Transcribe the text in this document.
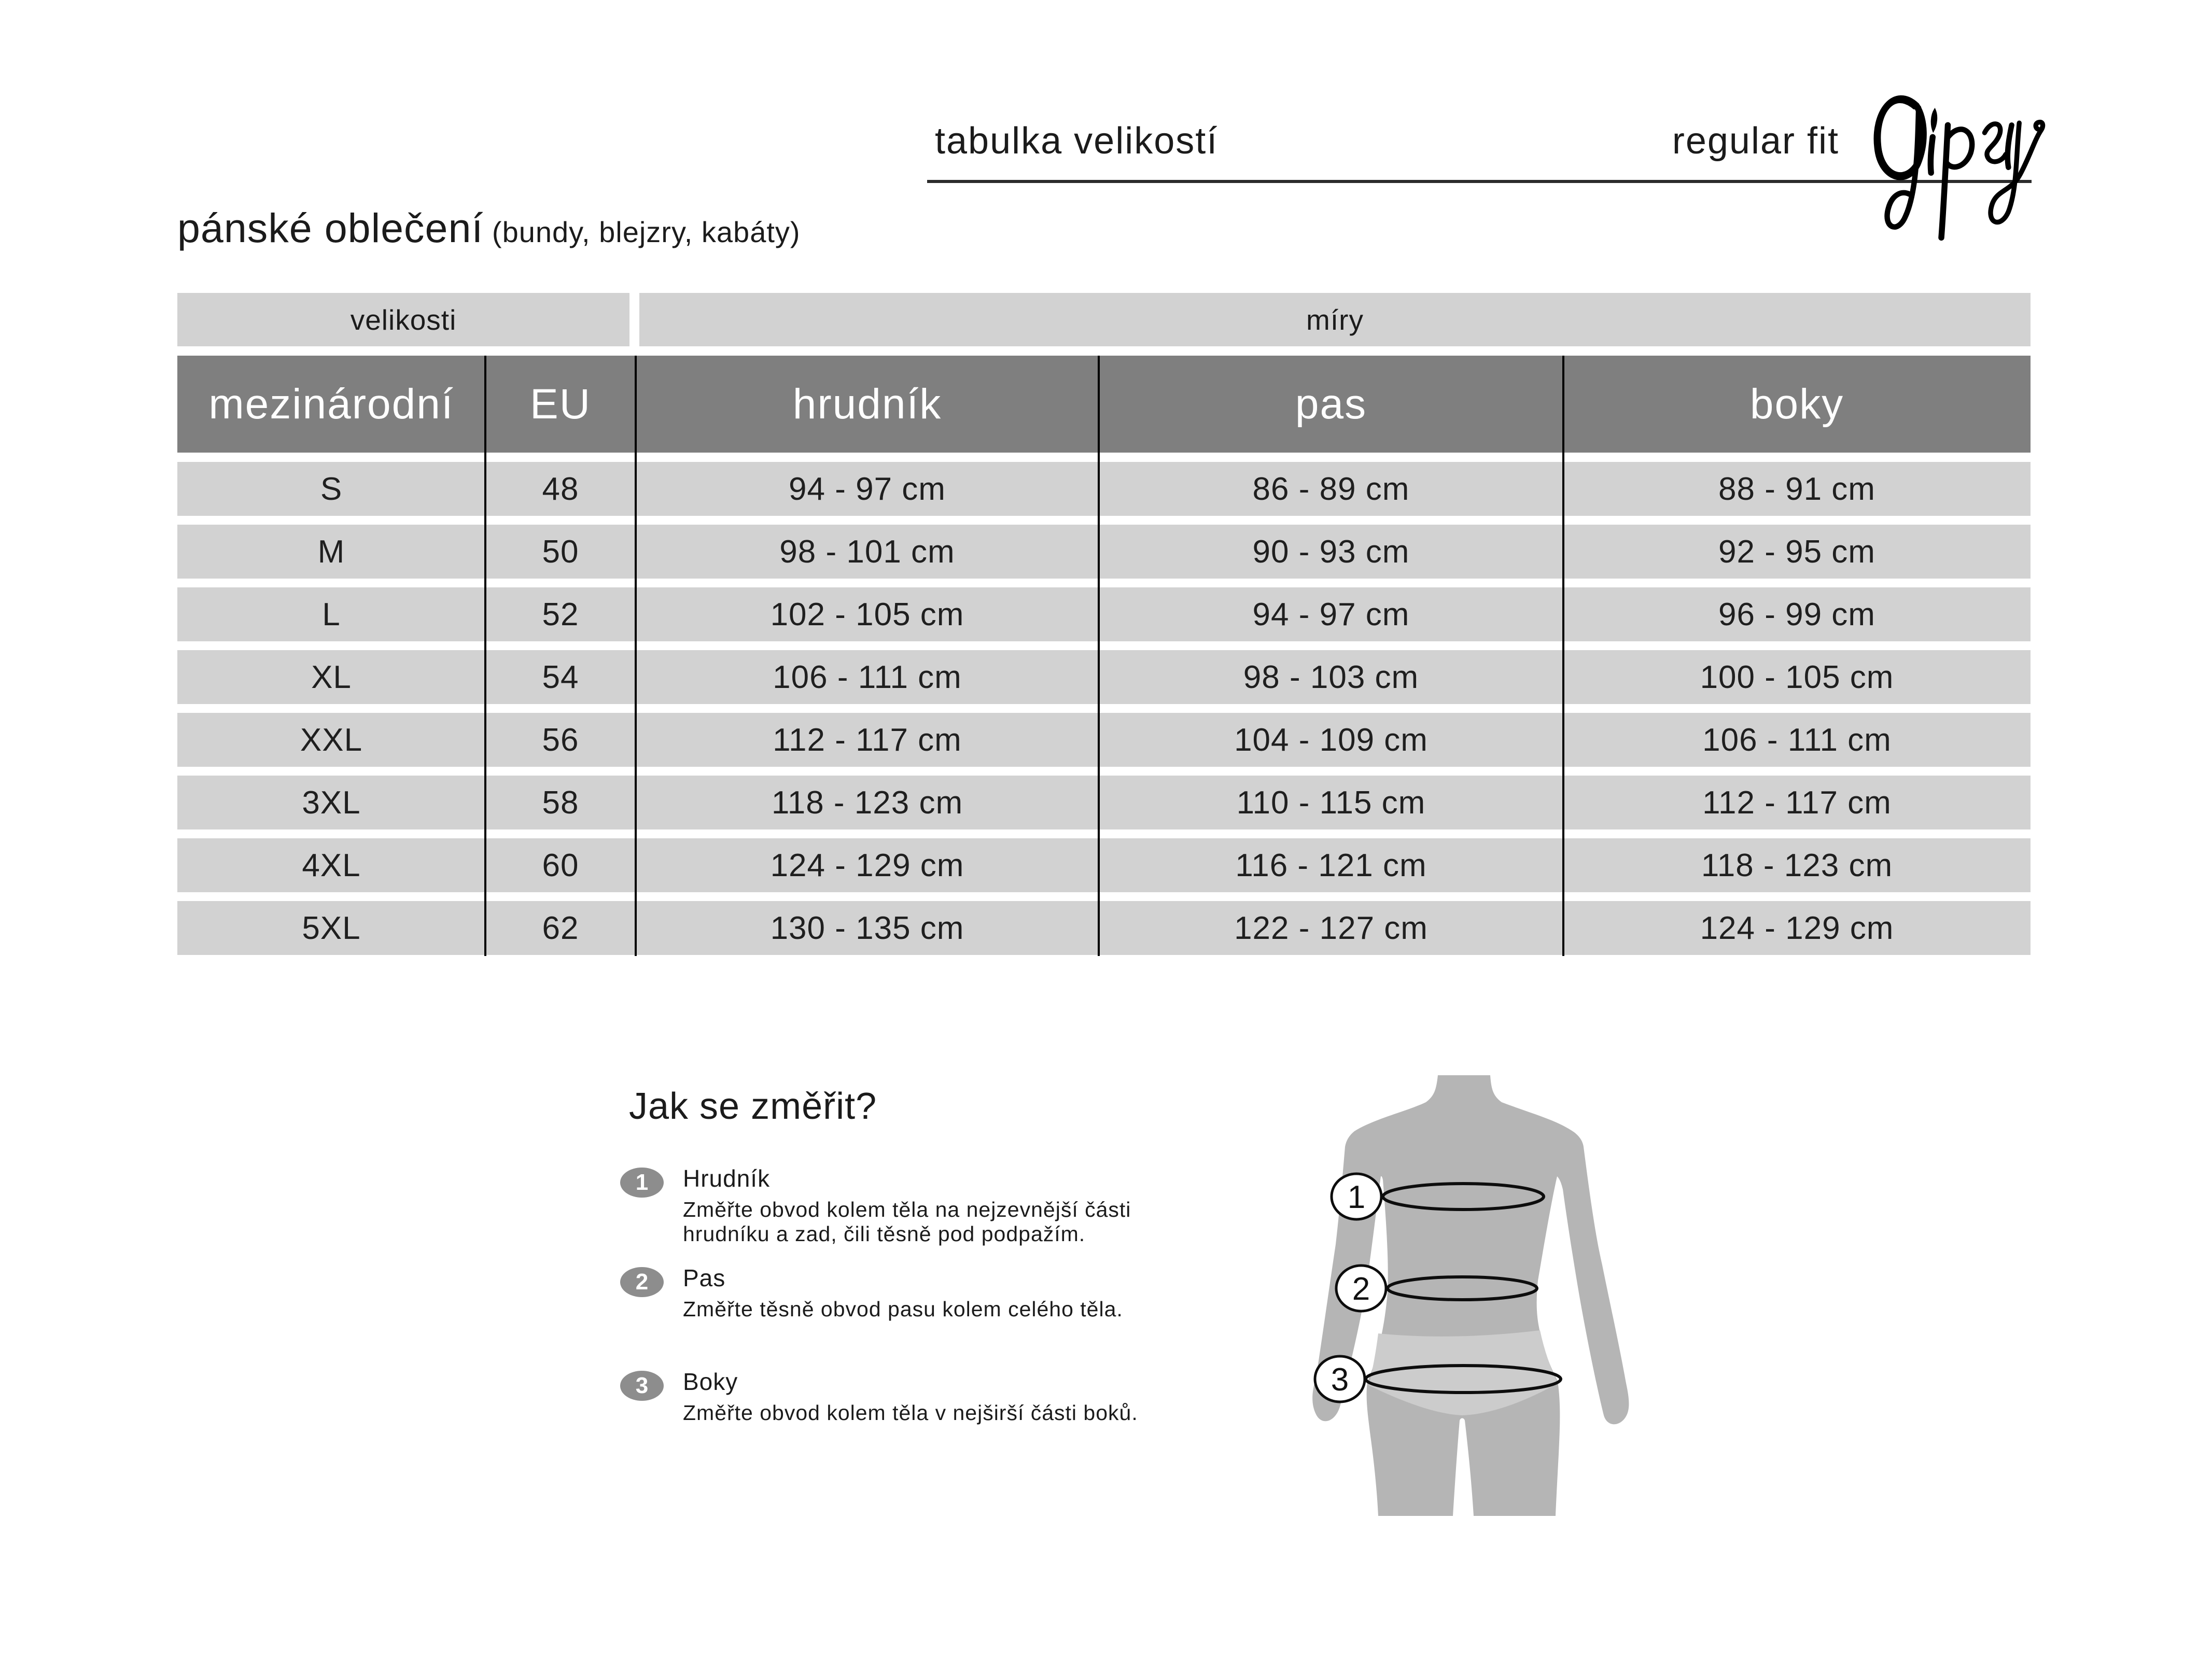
tabulka velikostí	regular fit
pánské oblečení (bundy, blejzry, kabáty)
velikosti	míry
mezinárodní	EU	hrudník	pas	boky
S	48	94 - 97 cm	86 - 89 cm	88 - 91 cm
M	50	98 - 101 cm	90 - 93 cm	92 - 95 cm
L	52	102 - 105 cm	94 - 97 cm	96 - 99 cm
XL	54	106 - 111 cm	98 - 103 cm	100 - 105 cm
XXL	56	112 - 117 cm	104 - 109 cm	106 - 111 cm
3XL	58	118 - 123 cm	110 - 115 cm	112 - 117 cm
4XL	60	124 - 129 cm	116 - 121 cm	118 - 123 cm
5XL	62	130 - 135 cm	122 - 127 cm	124 - 129 cm
Jak se změřit?
1	Hrudník
Změřte obvod kolem těla na nejzevnější části
hrudníku a zad, čili těsně pod podpažím.
2	Pas
Změřte těsně obvod pasu kolem celého těla.
3	Boky
Změřte obvod kolem těla v nejširší části boků.
1
2
3
